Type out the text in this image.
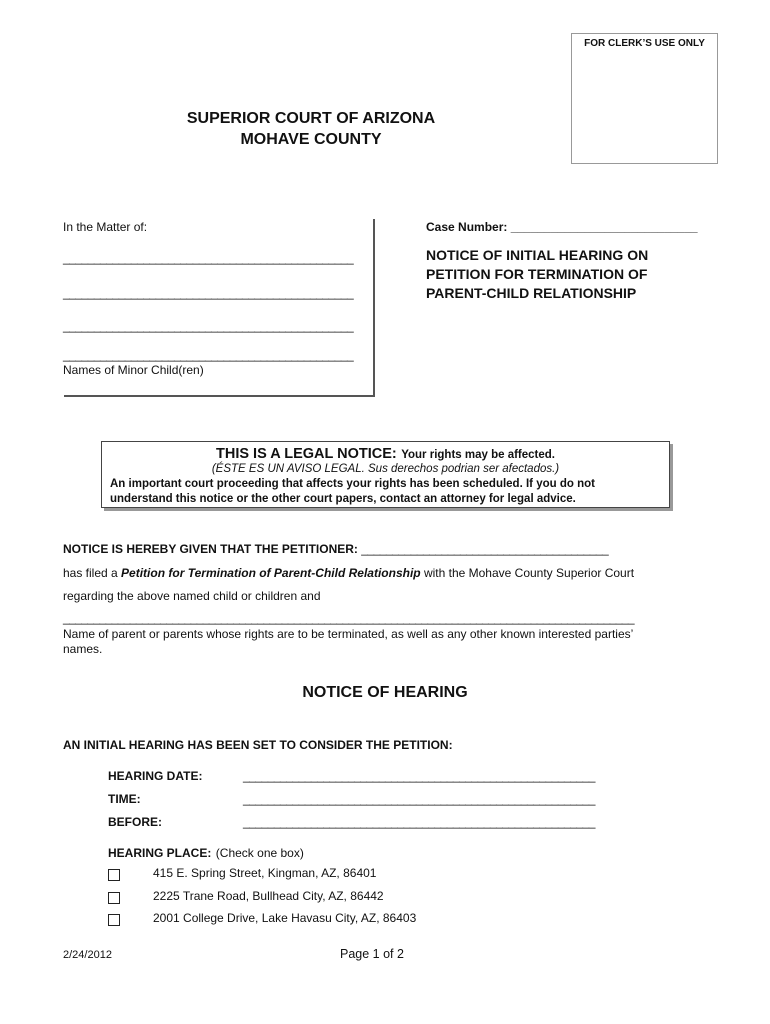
FOR CLERK’S USE ONLY
SUPERIOR COURT OF ARIZONA
MOHAVE COUNTY
In the Matter of:
_______________________________________________
_______________________________________________
_______________________________________________
_______________________________________________
Names of Minor Child(ren)
Case Number: ____________________________
NOTICE OF INITIAL HEARING ON
PETITION FOR TERMINATION OF
PARENT-CHILD RELATIONSHIP
THIS IS A LEGAL NOTICE: Your rights may be affected.
(ÉSTE ES UN AVISO LEGAL. Sus derechos podrian ser afectados.)
An important court proceeding that affects your rights has been scheduled. If you do not
understand this notice or the other court papers, contact an attorney for legal advice.
NOTICE IS HEREBY GIVEN THAT THE PETITIONER: ________________________________________
has filed a Petition for Termination of Parent-Child Relationship with the Mohave County Superior Court
regarding the above named child or children and
______________________________________________________________________________________________
Name of parent or parents whose rights are to be terminated, as well as any other known interested parties’
names.
NOTICE OF HEARING
AN INITIAL HEARING HAS BEEN SET TO CONSIDER THE PETITION:
HEARING DATE:	_________________________________________________________
TIME:	_________________________________________________________
BEFORE:	_________________________________________________________
HEARING PLACE: (Check one box)
415 E. Spring Street, Kingman, AZ, 86401
2225 Trane Road, Bullhead City, AZ, 86442
2001 College Drive, Lake Havasu City, AZ, 86403
2/24/2012	Page 1 of 2
